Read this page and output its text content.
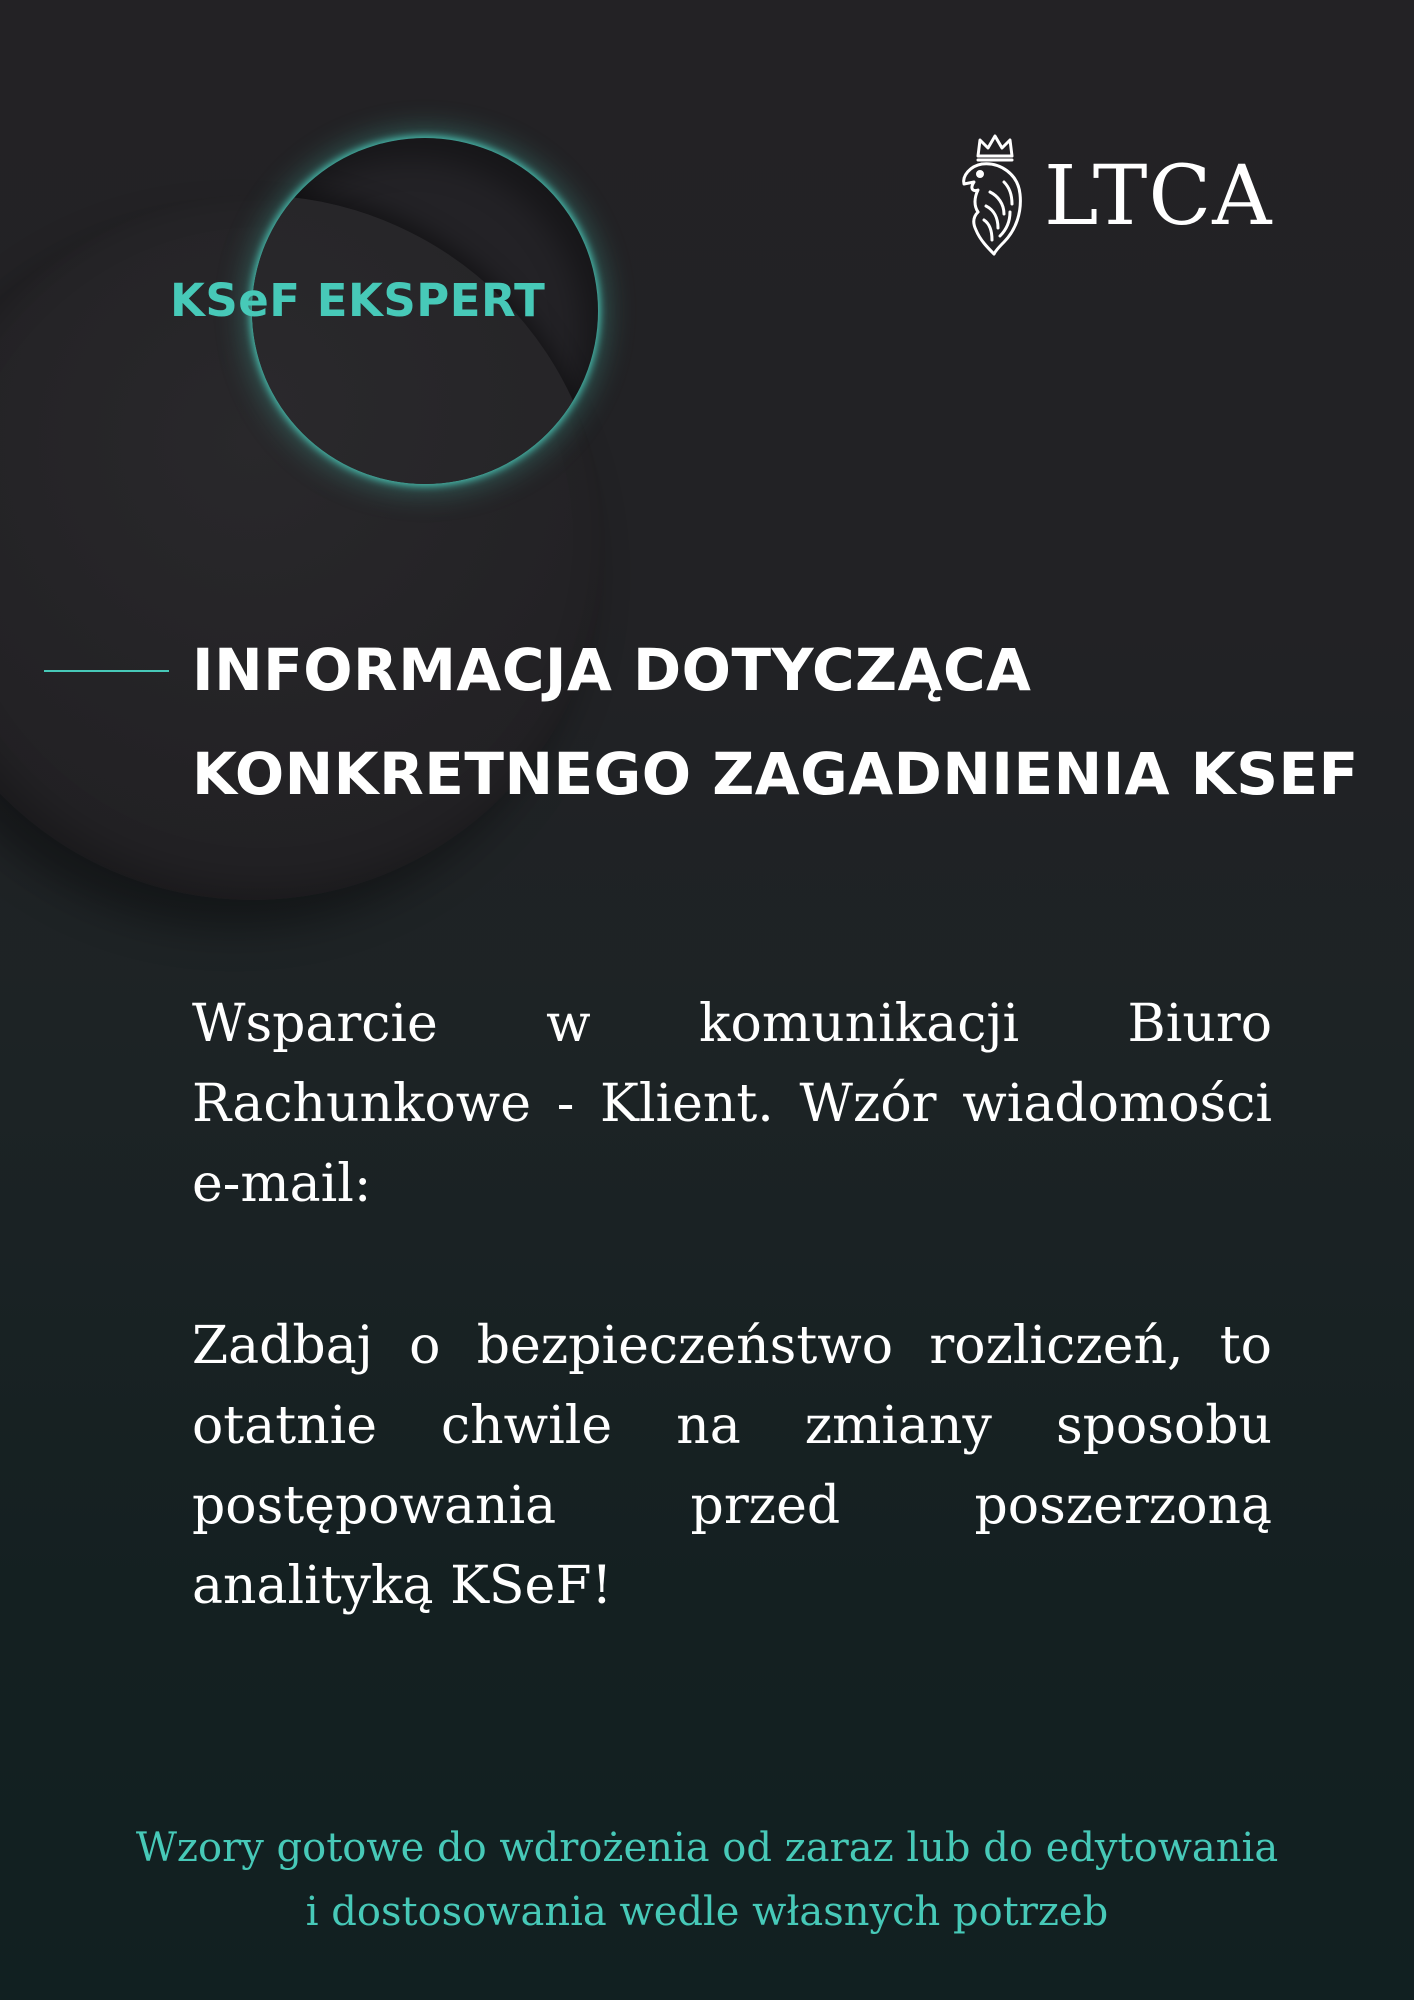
KSeF EKSPERT
LTCA
INFORMACJA DOTYCZĄCA
KONKRETNEGO ZAGADNIENIA KSEF

Wsparcie w komunikacji Biuro Rachunkowe - Klient. Wzór wiadomości e-mail:

Zadbaj o bezpieczeństwo rozliczeń, to otatnie chwile na zmiany sposobu postępowania przed poszerzoną analityką KSeF!

Wzory gotowe do wdrożenia od zaraz lub do edytowania
i dostosowania wedle własnych potrzeb
